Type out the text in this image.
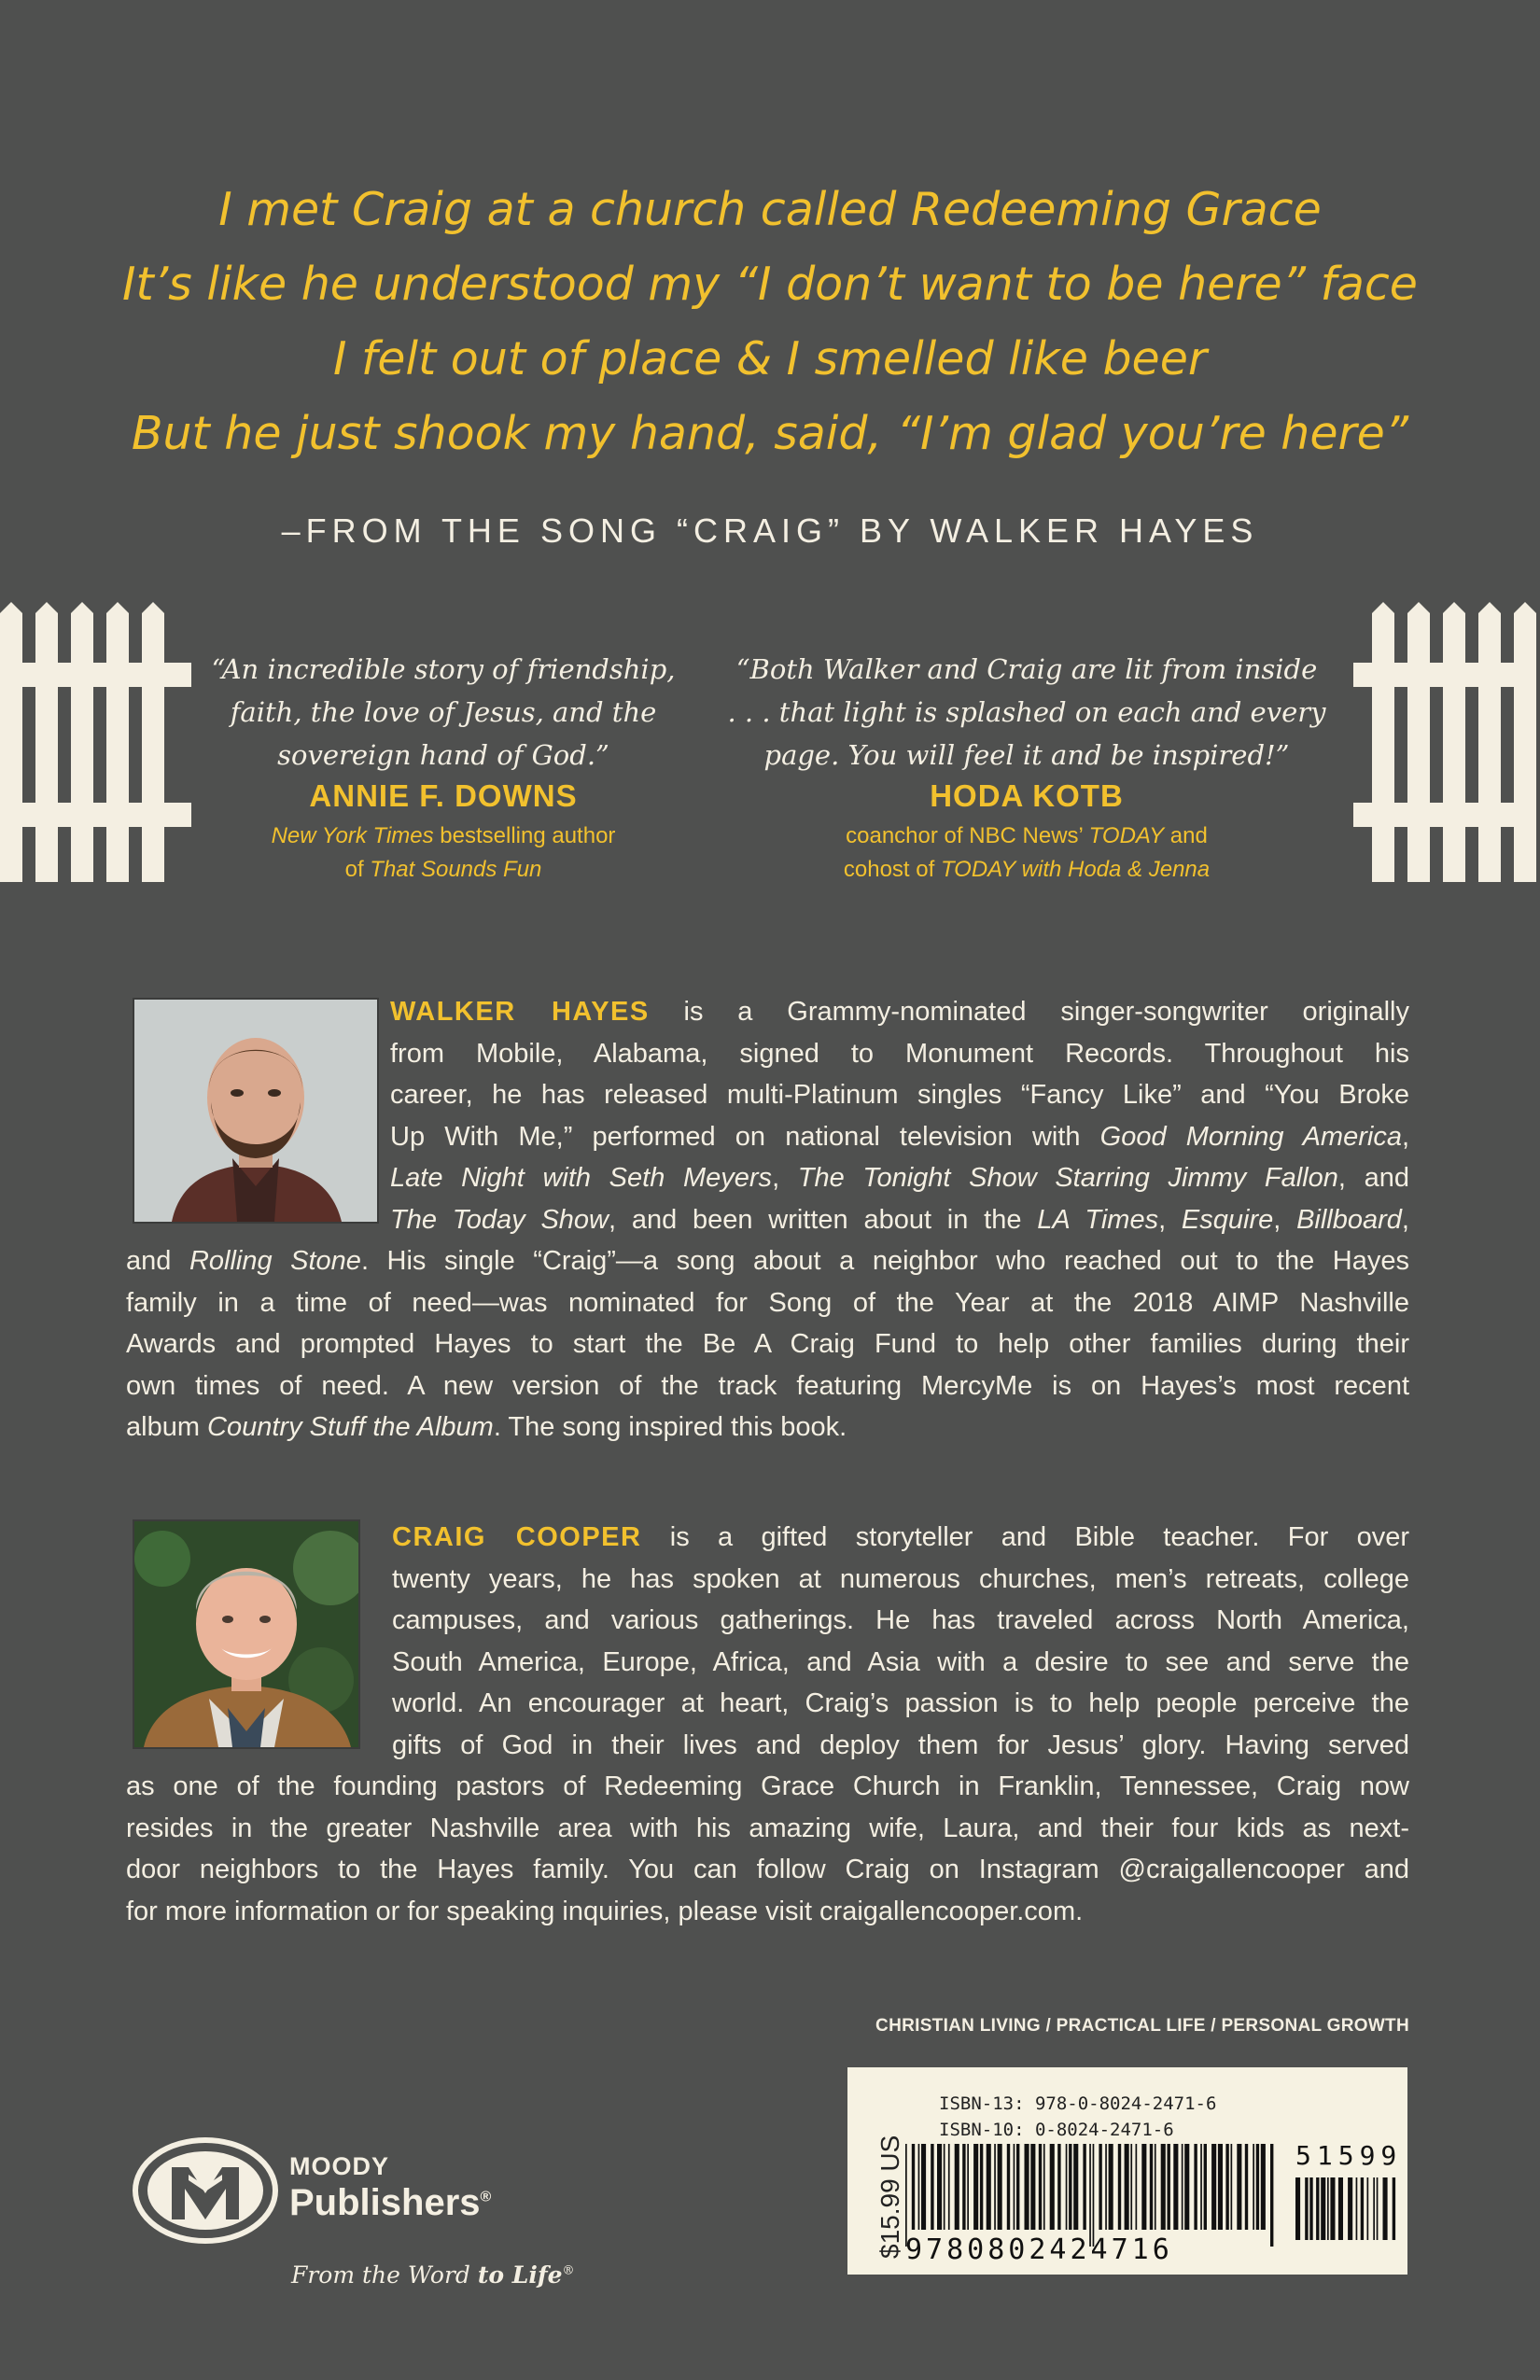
I met Craig at a church called Redeeming Grace
It’s like he understood my “I don’t want to be here” face
I felt out of place & I smelled like beer
But he just shook my hand, said, “I’m glad you’re here”
–FROM THE SONG “CRAIG” BY WALKER HAYES
“An incredible story of friendship,
faith, the love of Jesus, and the
sovereign hand of God.”
ANNIE F. DOWNS
New York Times bestselling author
of That Sounds Fun
“Both Walker and Craig are lit from inside
. . . that light is splashed on each and every
page. You will feel it and be inspired!”
HODA KOTB
coanchor of NBC News’ TODAY and
cohost of TODAY with Hoda & Jenna
WALKER HAYES is a Grammy-nominated singer-songwriter originally
from Mobile, Alabama, signed to Monument Records. Throughout his
career, he has released multi-Platinum singles “Fancy Like” and “You Broke
Up With Me,” performed on national television with Good Morning America,
Late Night with Seth Meyers, The Tonight Show Starring Jimmy Fallon, and
The Today Show, and been written about in the LA Times, Esquire, Billboard,
and Rolling Stone. His single “Craig”—a song about a neighbor who reached out to the Hayes
family in a time of need—was nominated for Song of the Year at the 2018 AIMP Nashville
Awards and prompted Hayes to start the Be A Craig Fund to help other families during their
own times of need. A new version of the track featuring MercyMe is on Hayes’s most recent
album Country Stuff the Album. The song inspired this book.
CRAIG COOPER is a gifted storyteller and Bible teacher. For over
twenty years, he has spoken at numerous churches, men’s retreats, college
campuses, and various gatherings. He has traveled across North America,
South America, Europe, Africa, and Asia with a desire to see and serve the
world. An encourager at heart, Craig’s passion is to help people perceive the
gifts of God in their lives and deploy them for Jesus’ glory. Having served
as one of the founding pastors of Redeeming Grace Church in Franklin, Tennessee, Craig now
resides in the greater Nashville area with his amazing wife, Laura, and their four kids as next-
door neighbors to the Hayes family. You can follow Craig on Instagram @craigallencooper and
for more information or for speaking inquiries, please visit craigallencooper.com.
CHRISTIAN LIVING / PRACTICAL LIFE / PERSONAL GROWTH
MOODY
Publishers®
From the Word to Life®
$15.99 US
ISBN-13: 978-0-8024-2471-6
ISBN-10: 0-8024-2471-6
51599
9780802424716
